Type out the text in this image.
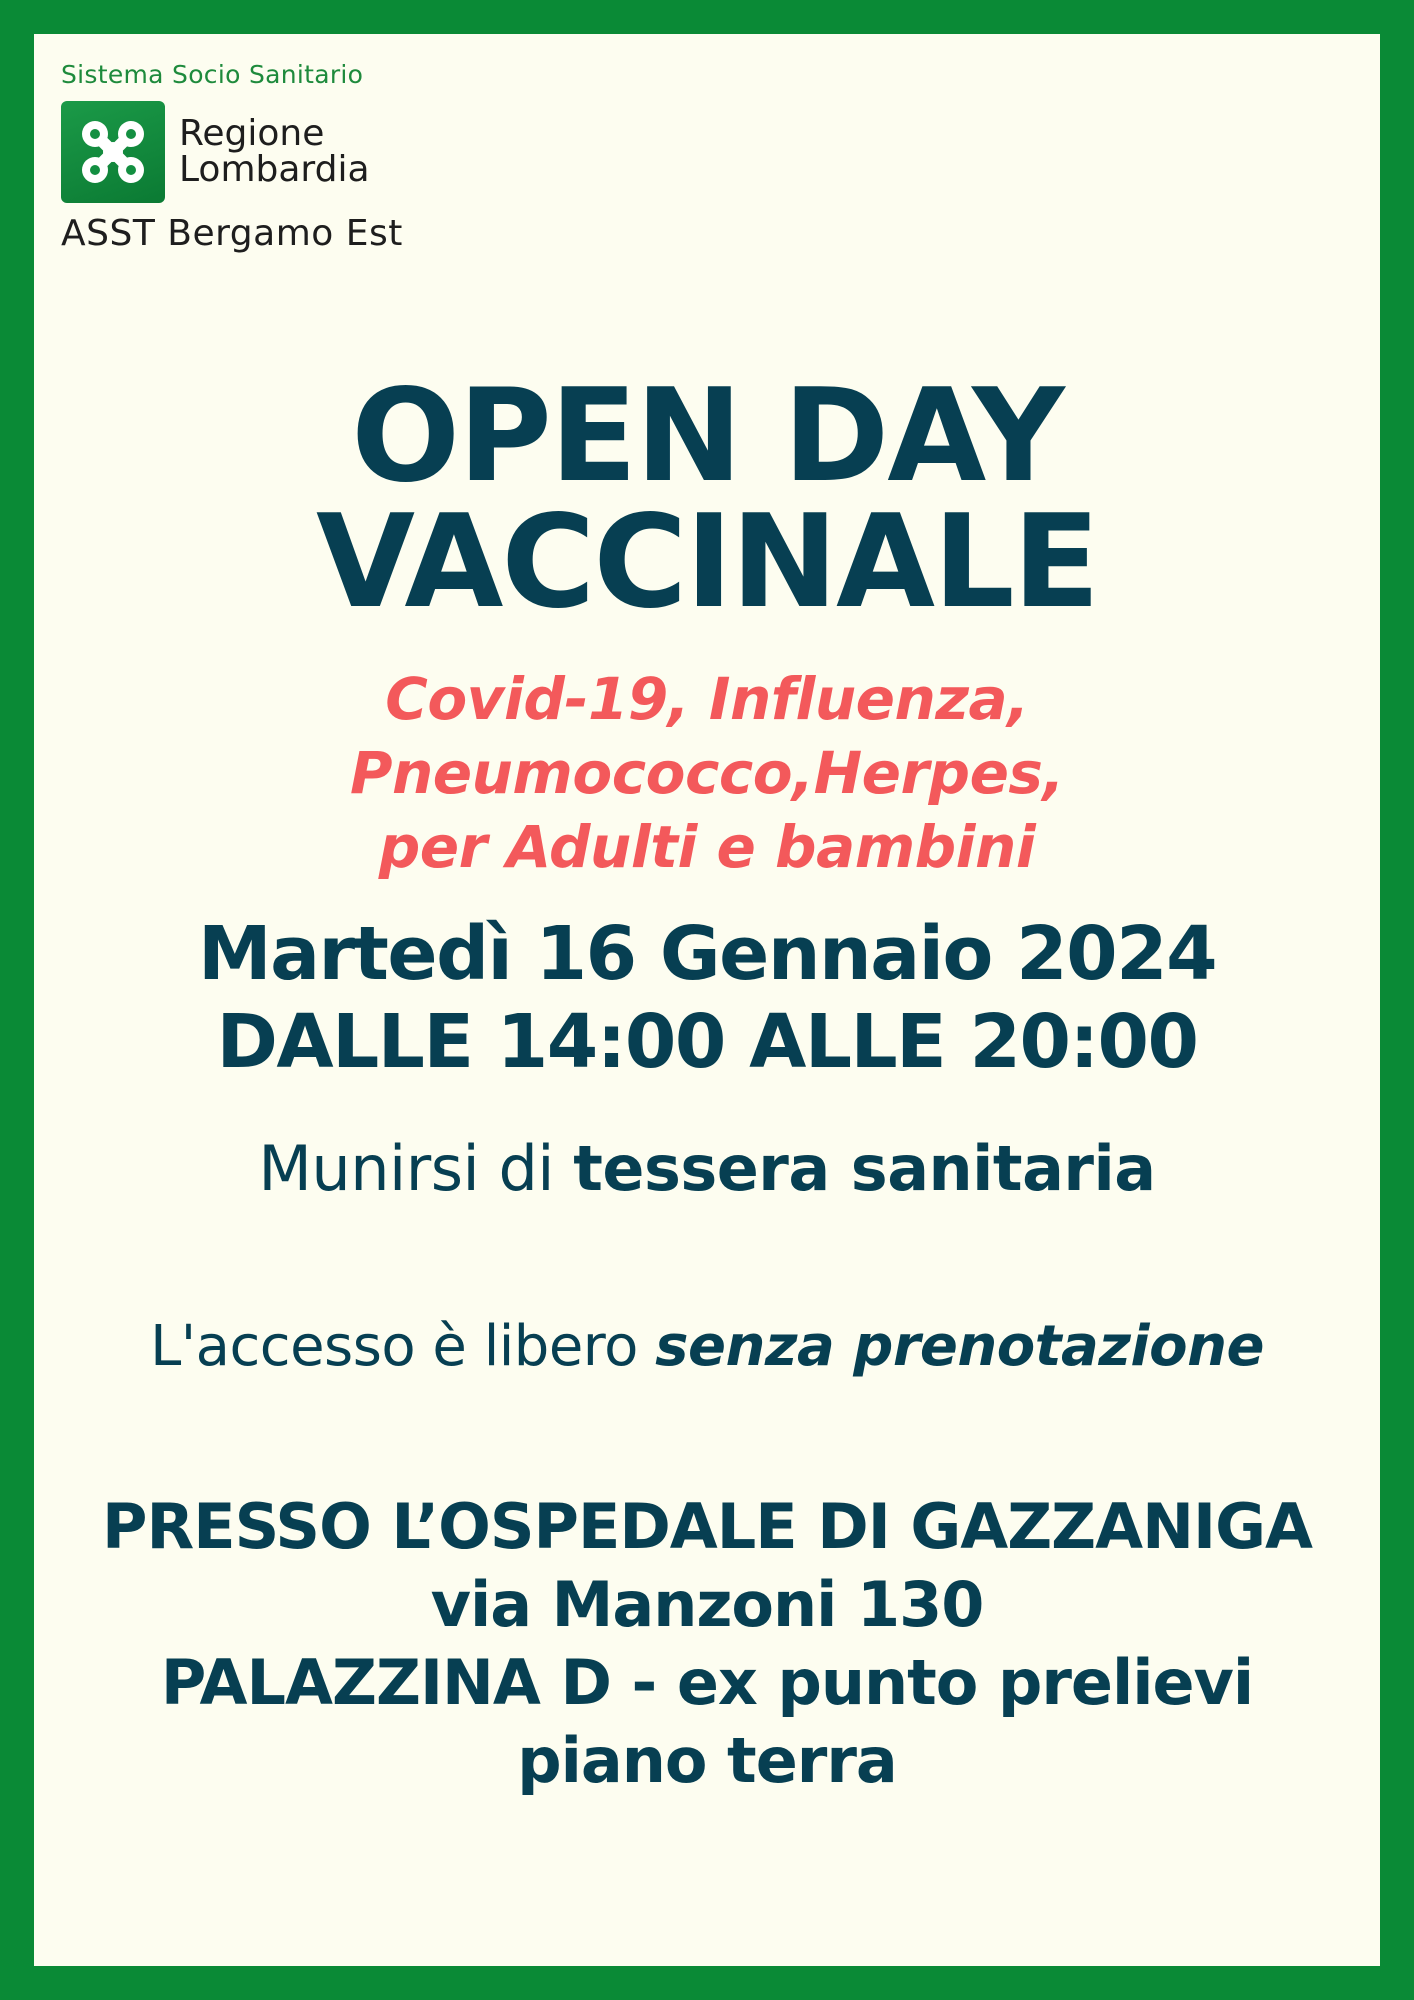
Sistema Socio Sanitario
Regione
Lombardia
ASST Bergamo Est
OPEN DAY
VACCINALE
Covid-19, Influenza,
Pneumococco,Herpes,
per Adulti e bambini
Martedì 16 Gennaio 2024
DALLE 14:00 ALLE 20:00
Munirsi di tessera sanitaria
L'accesso è libero senza prenotazione
PRESSO L’OSPEDALE DI GAZZANIGA
via Manzoni 130
PALAZZINA D - ex punto prelievi
piano terra
